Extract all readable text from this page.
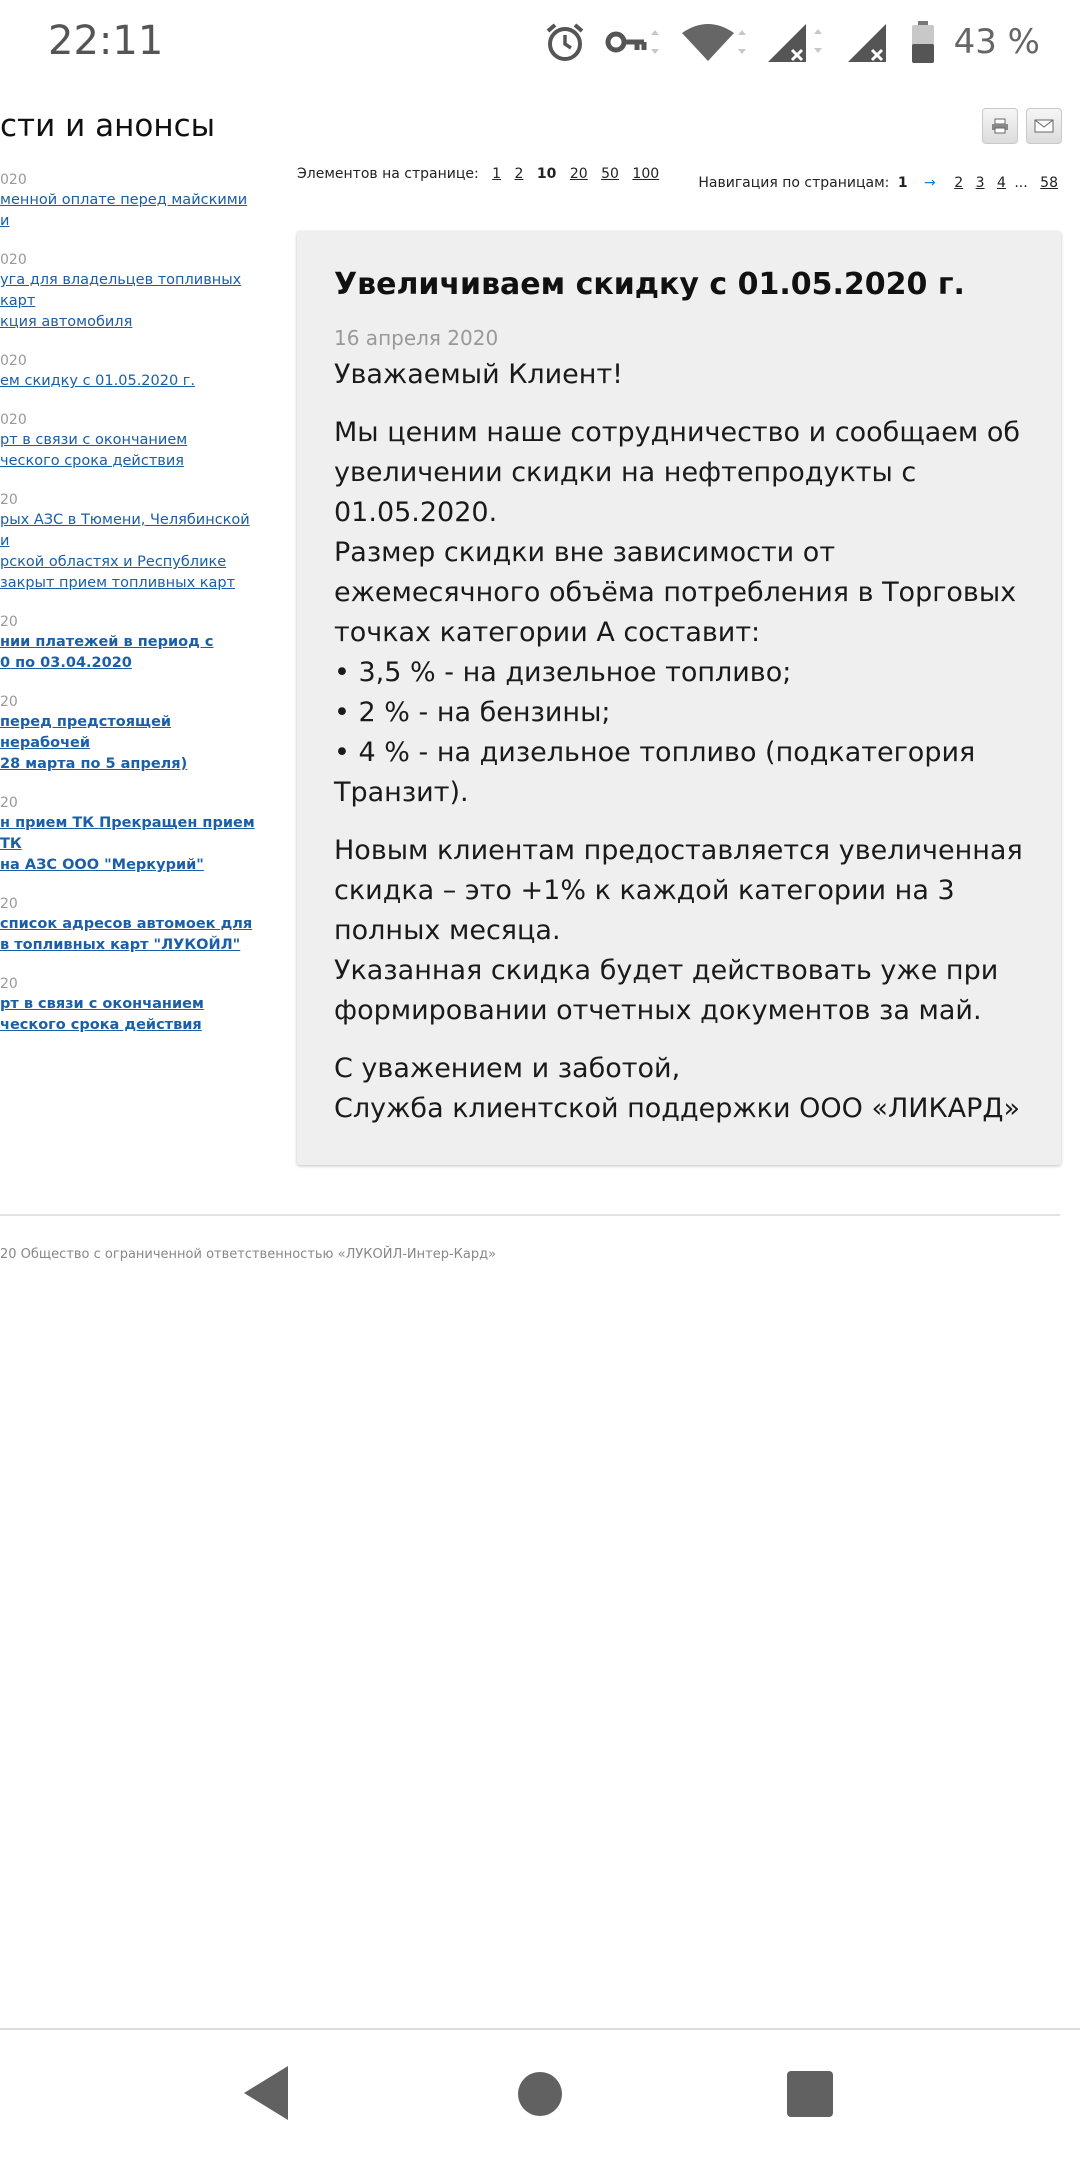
22:11	43 %
сти и анонсы
020
менной оплате перед майскими
и
020
уга для владельцев топливных карт
кция автомобиля
020
ем скидку с 01.05.2020 г.
020
рт в связи с окончанием
ческого срока действия
20
рых АЗС в Тюмени, Челябинской и
рской областях и Республике
закрыт прием топливных карт

20
нии платежей в период с
0 по 03.04.2020
20
перед предстоящей нерабочей
28 марта по 5 апреля)
20
н прием ТК Прекращен прием ТК
на АЗС ООО "Меркурий"
20
список адресов автомоек для
в топливных карт "ЛУКОЙЛ"
20
рт в связи с окончанием
ческого срока действия
Элементов на странице: 1 2 10 20 50 100
Навигация по страницам: 1 → 2 3 4 ... 58
Увеличиваем скидку с 01.05.2020 г.
16 апреля 2020

Уважаемый Клиент!

Мы ценим наше сотрудничество и сообщаем об увеличении скидки на нефтепродукты с 01.05.2020.

Размер скидки вне зависимости от ежемесячного объёма потребления в Торговых точках категории А составит:

• 3,5 % - на дизельное топливо;

• 2 % - на бензины;

• 4 % - на дизельное топливо (подкатегория Транзит).

Новым клиентам предоставляется увеличенная скидка – это +1% к каждой категории на 3 полных месяца.

Указанная скидка будет действовать уже при формировании отчетных документов за май.

С уважением и заботой,

Служба клиентской поддержки ООО «ЛИКАРД»

20 Общество с ограниченной ответственностью «ЛУКОЙЛ-Интер-Кард»
